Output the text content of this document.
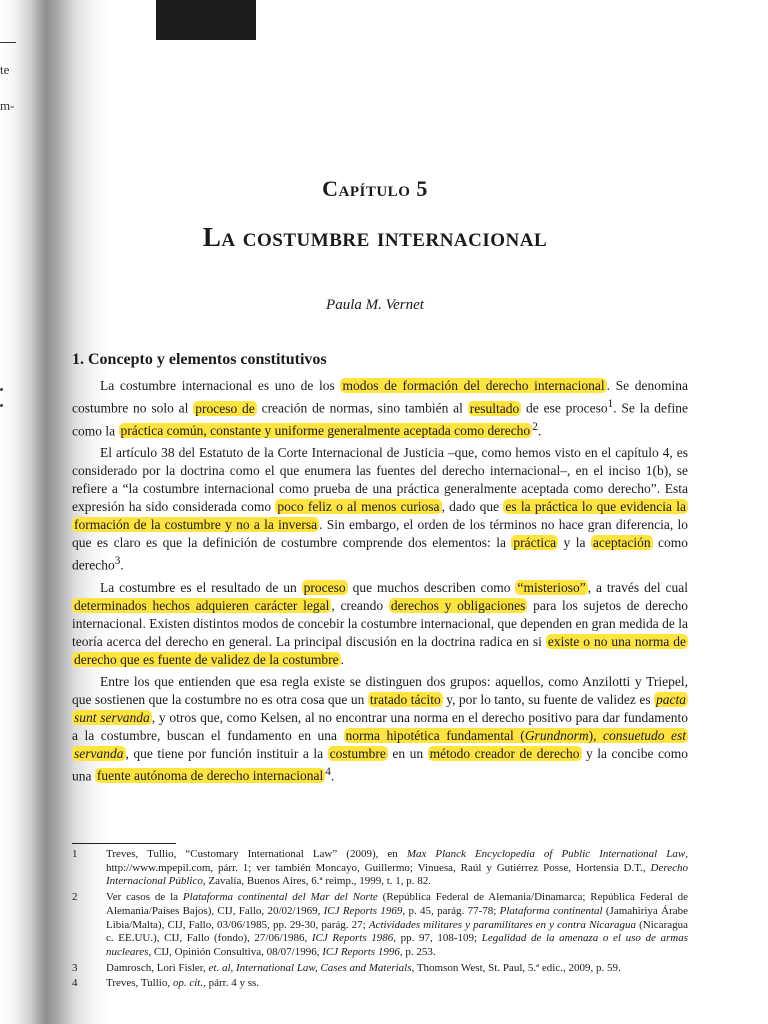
te
m-
Capítulo 5
La costumbre internacional
Paula M. Vernet
1. Concepto y elementos constitutivos

La costumbre internacional es uno de los modos de formación del derecho internacional . Se denomina costumbre no solo al proceso de creación de normas, sino también al resultado de ese proceso$^1$. Se la define como la práctica común, constante y uniforme generalmente aceptada como derecho $^2$.

El artículo 38 del Estatuto de la Corte Internacional de Justicia –que, como hemos visto en el capítulo 4, es considerado por la doctrina como el que enumera las fuentes del derecho internacional–, en el inciso 1(b), se refiere a “la costumbre internacional como prueba de una práctica generalmente aceptada como derecho”. Esta expresión ha sido considerada como poco feliz o al menos curiosa , dado que es la práctica lo que evidencia la formación de la costumbre y no a la inversa . Sin embargo, el orden de los términos no hace gran diferencia, lo que es claro es que la definición de costumbre comprende dos elementos: la práctica y la aceptación como derecho$^3$.

La costumbre es el resultado de un proceso que muchos describen como “misterioso” , a través del cual determinados hechos adquieren carácter legal , creando derechos y obligaciones para los sujetos de derecho internacional. Existen distintos modos de concebir la costumbre internacional, que dependen en gran medida de la teoría acerca del derecho en general. La principal discusión en la doctrina radica en si existe o no una norma de derecho que es fuente de validez de la costumbre .

Entre los que entienden que esa regla existe se distinguen dos grupos: aquellos, como Anzilotti y Triepel, que sostienen que la costumbre no es otra cosa que un tratado tácito y, por lo tanto, su fuente de validez es pacta sunt servanda , y otros que, como Kelsen, al no encontrar una norma en el derecho positivo para dar fundamento a la costumbre, buscan el fundamento en una norma hipotética fundamental (Grundnorm), consuetudo est servanda , que tiene por función instituir a la costumbre en un método creador de derecho y la concibe como una fuente autónoma de derecho internacional $^4$.

1	Treves, Tullio, “Customary International Law” (2009), en Max Planck Encyclopedia of Public International Law, http://www.mpepil.com, párr. 1; ver también Moncayo, Guillermo; Vinuesa, Raúl y Gutiérrez Posse, Hortensia D.T., Derecho Internacional Público, Zavalía, Buenos Aires, 6.ª reimp., 1999, t. 1, p. 82.
2	Ver casos de la Plataforma continental del Mar del Norte (República Federal de Alemania/Dinamarca; República Federal de Alemania/Países Bajos), CIJ, Fallo, 20/02/1969, ICJ Reports 1969, p. 45, parág. 77-78; Plataforma continental (Jamahiriya Árabe Libia/Malta), CIJ, Fallo, 03/06/1985, pp. 29-30, parág. 27; Actividades militares y paramilitares en y contra Nicaragua (Nicaragua c. EE.UU.), CIJ, Fallo (fondo), 27/06/1986, ICJ Reports 1986, pp. 97, 108-109; Legalidad de la amenaza o el uso de armas nucleares, CIJ, Opinión Consultiva, 08/07/1996, ICJ Reports 1996, p. 253.
3	Damrosch, Lori Fisler, et. al, International Law, Cases and Materials, Thomson West, St. Paul, 5.ª edic., 2009, p. 59.
4	Treves, Tullio, op. cit., párr. 4 y ss.
